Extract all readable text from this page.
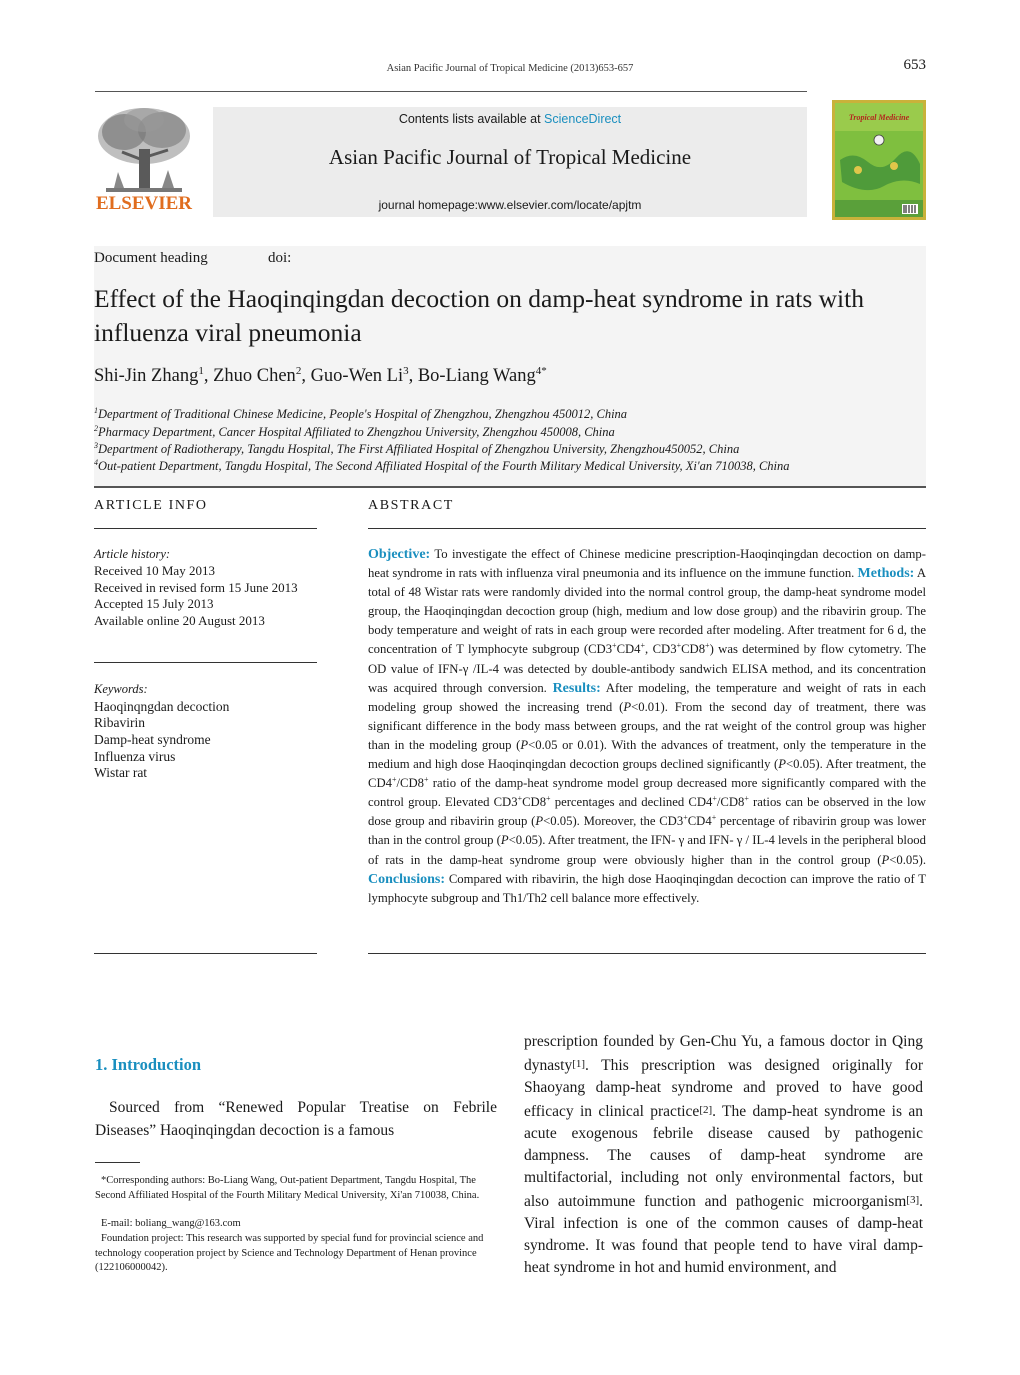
Asian Pacific Journal of Tropical Medicine (2013)653-657	653
ELSEVIER
Contents lists available at ScienceDirect
Asian Pacific Journal of Tropical Medicine
journal homepage:www.elsevier.com/locate/apjtm
Tropical Medicine
Document heading	doi:
Effect of the Haoqinqingdan decoction on damp-heat syndrome in rats with influenza viral pneumonia
Shi-Jin Zhang$^1$, Zhuo Chen$^2$, Guo-Wen Li$^3$, Bo-Liang Wang$^{4*}$
$^1$Department of Traditional Chinese Medicine, People's Hospital of Zhengzhou, Zhengzhou 450012, China
$^2$Pharmacy Department, Cancer Hospital Affiliated to Zhengzhou University, Zhengzhou 450008, China
$^3$Department of Radiotherapy, Tangdu Hospital, The First Affiliated Hospital of Zhengzhou University, Zhengzhou450052, China
$^4$Out-patient Department, Tangdu Hospital, The Second Affiliated Hospital of the Fourth Military Medical University, Xi'an 710038, China
ARTICLE INFO
Article history:
Received 10 May 2013
Received in revised form 15 June 2013
Accepted 15 July 2013
Available online 20 August 2013
Keywords:
Haoqinqngdan decoction
Ribavirin
Damp-heat syndrome
Influenza virus
Wistar rat
ABSTRACT
Objective: To investigate the effect of Chinese medicine prescription-Haoqinqingdan decoction on damp-heat syndrome in rats with influenza viral pneumonia and its influence on the immune function. Methods: A total of 48 Wistar rats were randomly divided into the normal control group, the damp-heat syndrome model group, the Haoqinqingdan decoction group (high, medium and low dose group) and the ribavirin group. The body temperature and weight of rats in each group were recorded after modeling. After treatment for 6 d, the concentration of T lymphocyte subgroup (CD3+CD4+, CD3+CD8+) was determined by flow cytometry. The OD value of IFN-γ /IL-4 was detected by double-antibody sandwich ELISA method, and its concentration was acquired through conversion. Results: After modeling, the temperature and weight of rats in each modeling group showed the increasing trend (P<0.01). From the second day of treatment, there was significant difference in the body mass between groups, and the rat weight of the control group was higher than in the modeling group (P<0.05 or 0.01). With the advances of treatment, only the temperature in the medium and high dose Haoqinqingdan decoction groups declined significantly (P<0.05). After treatment, the CD4+/CD8+ ratio of the damp-heat syndrome model group decreased more significantly compared with the control group. Elevated CD3+CD8+ percentages and declined CD4+/CD8+ ratios can be observed in the low dose group and ribavirin group (P<0.05). Moreover, the CD3+CD4+ percentage of ribavirin group was lower than in the control group (P<0.05). After treatment, the IFN- γ and IFN- γ / IL-4 levels in the peripheral blood of rats in the damp-heat syndrome group were obviously higher than in the control group (P<0.05). Conclusions: Compared with ribavirin, the high dose Haoqinqingdan decoction can improve the ratio of T lymphocyte subgroup and Th1/Th2 cell balance more effectively.
1. Introduction
Sourced from “Renewed Popular Treatise on Febrile Diseases” Haoqinqingdan decoction is a famous
prescription founded by Gen-Chu Yu, a famous doctor in Qing dynasty[1]. This prescription was designed originally for Shaoyang damp-heat syndrome and proved to have good efficacy in clinical practice[2]. The damp-heat syndrome is an acute exogenous febrile disease caused by pathogenic dampness. The causes of damp-heat syndrome are multifactorial, including not only environmental factors, but also autoimmune function and pathogenic microorganism[3]. Viral infection is one of the common causes of damp-heat syndrome. It was found that people tend to have viral damp-heat syndrome in hot and humid environment, and
*Corresponding authors: Bo-Liang Wang, Out-patient Department, Tangdu Hospital, The Second Affiliated Hospital of the Fourth Military Medical University, Xi'an 710038, China.
E-mail: boliang_wang@163.com
Foundation project: This research was supported by special fund for provincial science and technology cooperation project by Science and Technology Department of Henan province (122106000042).
